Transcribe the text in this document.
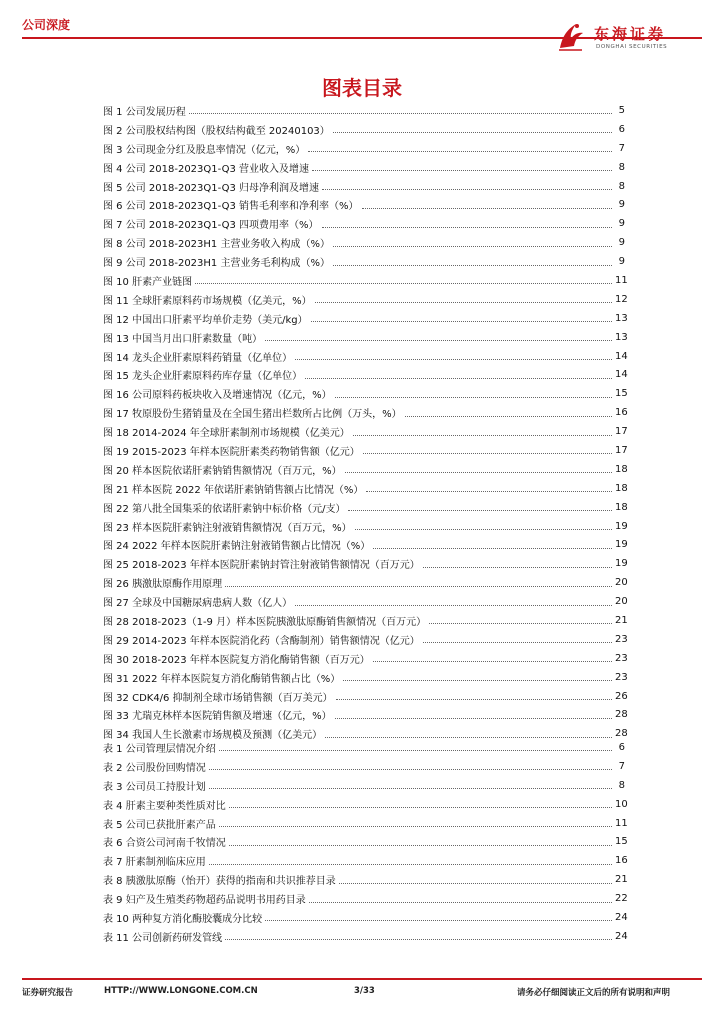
公司深度	东海证券
DONGHAI SECURITIES
图表目录
图 1 公司发展历程	5
图 2 公司股权结构图（股权结构截至 20240103）	6
图 3 公司现金分红及股息率情况（亿元，%）	7
图 4 公司 2018-2023Q1-Q3 营业收入及增速	8
图 5 公司 2018-2023Q1-Q3 归母净利润及增速	8
图 6 公司 2018-2023Q1-Q3 销售毛利率和净利率（%）	9
图 7 公司 2018-2023Q1-Q3 四项费用率（%）	9
图 8 公司 2018-2023H1 主营业务收入构成（%）	9
图 9 公司 2018-2023H1 主营业务毛利构成（%）	9
图 10 肝素产业链图	11
图 11 全球肝素原料药市场规模（亿美元，%）	12
图 12 中国出口肝素平均单价走势（美元/kg）	13
图 13 中国当月出口肝素数量（吨）	13
图 14 龙头企业肝素原料药销量（亿单位）	14
图 15 龙头企业肝素原料药库存量（亿单位）	14
图 16 公司原料药板块收入及增速情况（亿元，%）	15
图 17 牧原股份生猪销量及在全国生猪出栏数所占比例（万头，%）	16
图 18 2014-2024 年全球肝素制剂市场规模（亿美元）	17
图 19 2015-2023 年样本医院肝素类药物销售额（亿元）	17
图 20 样本医院依诺肝素钠销售额情况（百万元，%）	18
图 21 样本医院 2022 年依诺肝素钠销售额占比情况（%）	18
图 22 第八批全国集采的依诺肝素钠中标价格（元/支）	18
图 23 样本医院肝素钠注射液销售额情况（百万元，%）	19
图 24 2022 年样本医院肝素钠注射液销售额占比情况（%）	19
图 25 2018-2023 年样本医院肝素钠封管注射液销售额情况（百万元）	19
图 26 胰激肽原酶作用原理	20
图 27 全球及中国糖尿病患病人数（亿人）	20
图 28 2018-2023（1-9 月）样本医院胰激肽原酶销售额情况（百万元）	21
图 29 2014-2023 年样本医院消化药（含酶制剂）销售额情况（亿元）	23
图 30 2018-2023 年样本医院复方消化酶销售额（百万元）	23
图 31 2022 年样本医院复方消化酶销售额占比（%）	23
图 32 CDK4/6 抑制剂全球市场销售额（百万美元）	26
图 33 尤瑞克林样本医院销售额及增速（亿元，%）	28
图 34 我国人生长激素市场规模及预测（亿美元）	28
表 1 公司管理层情况介绍	6
表 2 公司股份回购情况	7
表 3 公司员工持股计划	8
表 4 肝素主要种类性质对比	10
表 5 公司已获批肝素产品	11
表 6 合资公司河南千牧情况	15
表 7 肝素制剂临床应用	16
表 8 胰激肽原酶（怡开）获得的指南和共识推荐目录	21
表 9 妇产及生殖类药物超药品说明书用药目录	22
表 10 两种复方消化酶胶囊成分比较	24
表 11 公司创新药研发管线	24
证券研究报告	HTTP://WWW.LONGONE.COM.CN	3/33	请务必仔细阅读正文后的所有说明和声明
